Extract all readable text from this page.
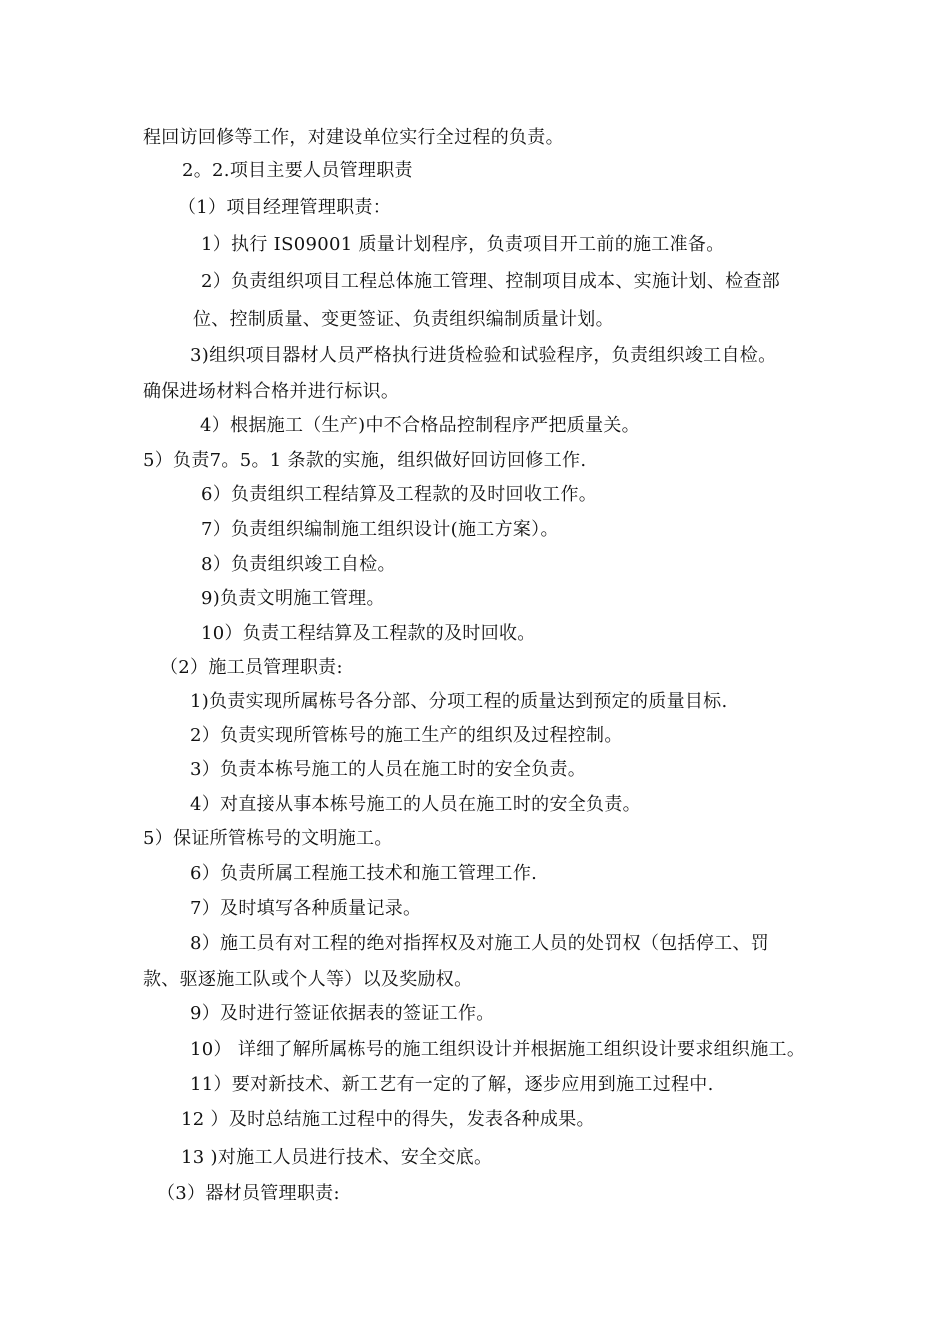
程回访回修等工作，对建设单位实行全过程的负责。
2。2.项目主要人员管理职责
（1）项目经理管理职责：
1）执行 IS09001 质量计划程序，负责项目开工前的施工准备。
2）负责组织项目工程总体施工管理、控制项目成本、实施计划、检查部
位、控制质量、变更签证、负责组织编制质量计划。
3)组织项目器材人员严格执行进货检验和试验程序，负责组织竣工自检。
确保进场材料合格并进行标识。
4）根据施工（生产)中不合格品控制程序严把质量关。
5）负责7。5。1 条款的实施，组织做好回访回修工作.
6）负责组织工程结算及工程款的及时回收工作。
7）负责组织编制施工组织设计(施工方案）。
8）负责组织竣工自检。
9)负责文明施工管理。
10）负责工程结算及工程款的及时回收。
（2）施工员管理职责:
1)负责实现所属栋号各分部、分项工程的质量达到预定的质量目标.
2）负责实现所管栋号的施工生产的组织及过程控制。
3）负责本栋号施工的人员在施工时的安全负责。
4）对直接从事本栋号施工的人员在施工时的安全负责。
5）保证所管栋号的文明施工。
6）负责所属工程施工技术和施工管理工作.
7）及时填写各种质量记录。
8）施工员有对工程的绝对指挥权及对施工人员的处罚权（包括停工、罚
款、驱逐施工队或个人等）以及奖励权。
9）及时进行签证依据表的签证工作。
10） 详细了解所属栋号的施工组织设计并根据施工组织设计要求组织施工。
11）要对新技术、新工艺有一定的了解，逐步应用到施工过程中.
12 ）及时总结施工过程中的得失，发表各种成果。
13 )对施工人员进行技术、安全交底。
（3）器材员管理职责:
